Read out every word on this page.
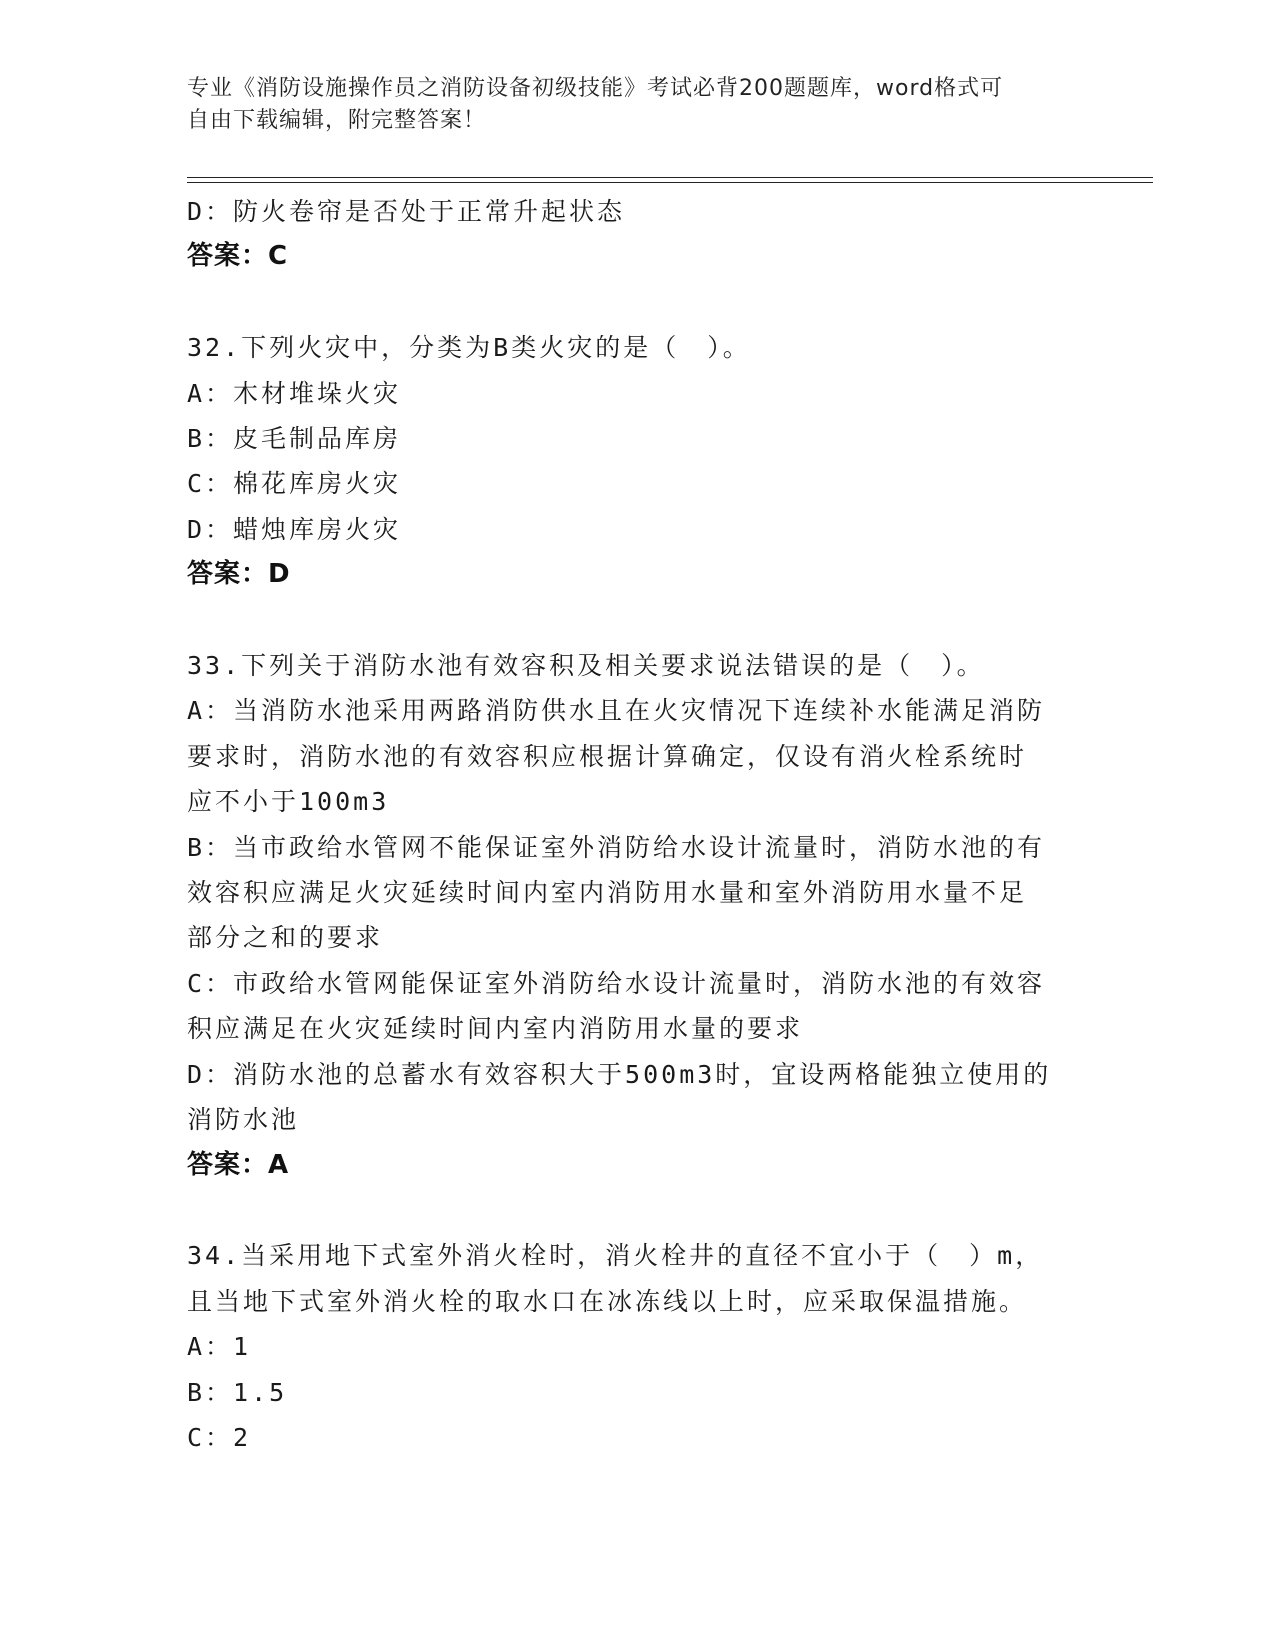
专业《消防设施操作员之消防设备初级技能》考试必背200题题库，word格式可
自由下载编辑，附完整答案！
D：防火卷帘是否处于正常升起状态
答案：C
32.下列火灾中，分类为B类火灾的是（　）。
A：木材堆垛火灾
B：皮毛制品库房
C：棉花库房火灾
D：蜡烛库房火灾
答案：D
33.下列关于消防水池有效容积及相关要求说法错误的是（　）。
A：当消防水池采用两路消防供水且在火灾情况下连续补水能满足消防
要求时，消防水池的有效容积应根据计算确定，仅设有消火栓系统时
应不小于100m3
B：当市政给水管网不能保证室外消防给水设计流量时，消防水池的有
效容积应满足火灾延续时间内室内消防用水量和室外消防用水量不足
部分之和的要求
C：市政给水管网能保证室外消防给水设计流量时，消防水池的有效容
积应满足在火灾延续时间内室内消防用水量的要求
D：消防水池的总蓄水有效容积大于500m3时，宜设两格能独立使用的
消防水池
答案：A
34.当采用地下式室外消火栓时，消火栓井的直径不宜小于（　）m，
且当地下式室外消火栓的取水口在冰冻线以上时，应采取保温措施。
A：1
B：1.5
C：2
